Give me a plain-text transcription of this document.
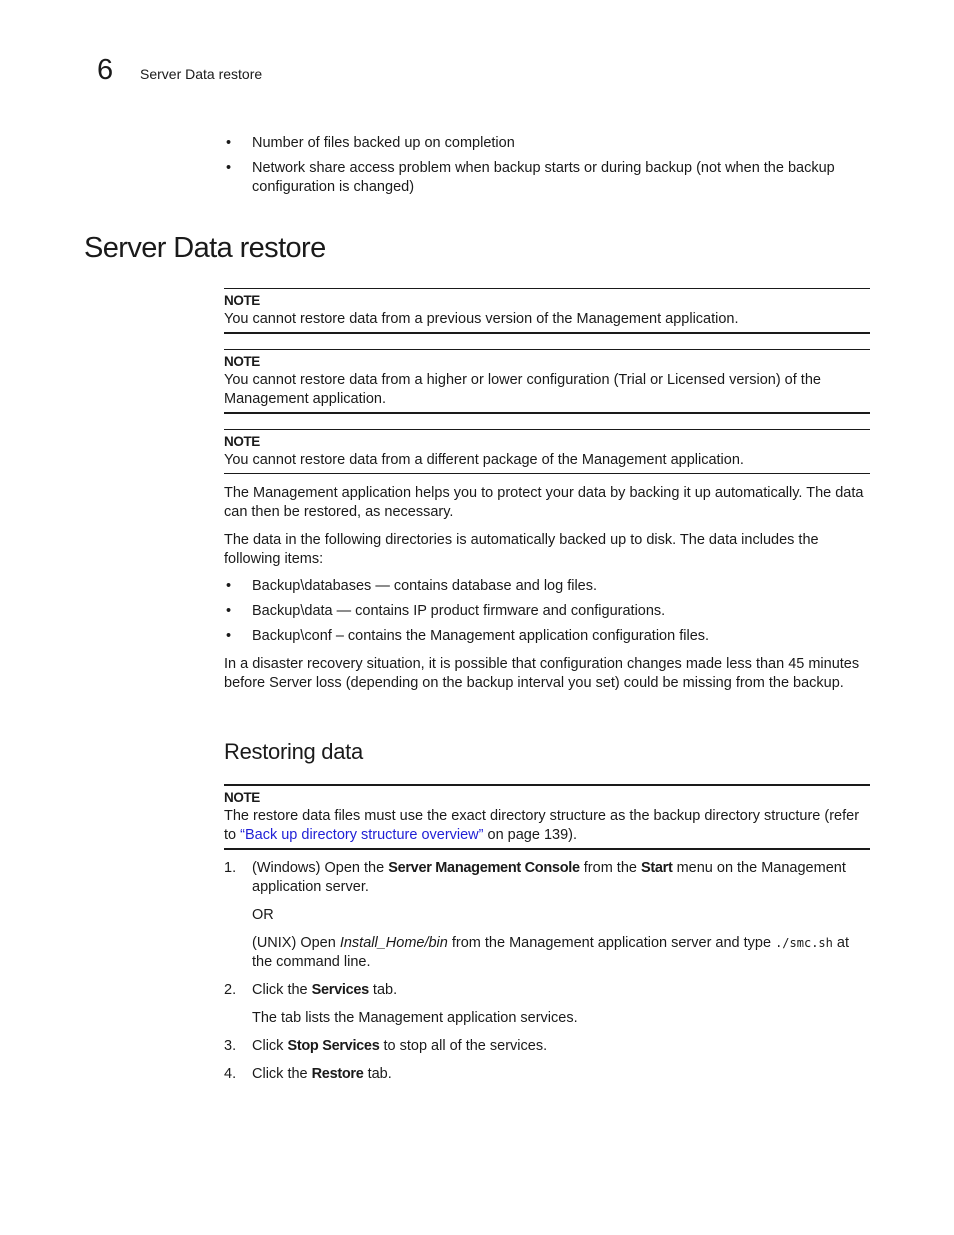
6 Server Data restore
• Number of files backed up on completion
• Network share access problem when backup starts or during backup (not when the backup configuration is changed)
Server Data restore
NOTE
You cannot restore data from a previous version of the Management application.
NOTE
You cannot restore data from a higher or lower configuration (Trial or Licensed version) of the Management application.
NOTE
You cannot restore data from a different package of the Management application.

The Management application helps you to protect your data by backing it up automatically. The data can then be restored, as necessary.

The data in the following directories is automatically backed up to disk. The data includes the following items:

• Backup\databases — contains database and log files.
• Backup\data — contains IP product firmware and configurations.
• Backup\conf – contains the Management application configuration files.

In a disaster recovery situation, it is possible that configuration changes made less than 45 minutes before Server loss (depending on the backup interval you set) could be missing from the backup.

Restoring data
NOTE
The restore data files must use the exact directory structure as the backup directory structure (refer to “Back up directory structure overview” on page 139).
1. (Windows) Open the Server Management Console from the Start menu on the Management application server.
OR
(UNIX) Open Install_Home/bin from the Management application server and type ./smc.sh at the command line.
2. Click the Services tab.
The tab lists the Management application services.
3. Click Stop Services to stop all of the services.
4. Click the Restore tab.
